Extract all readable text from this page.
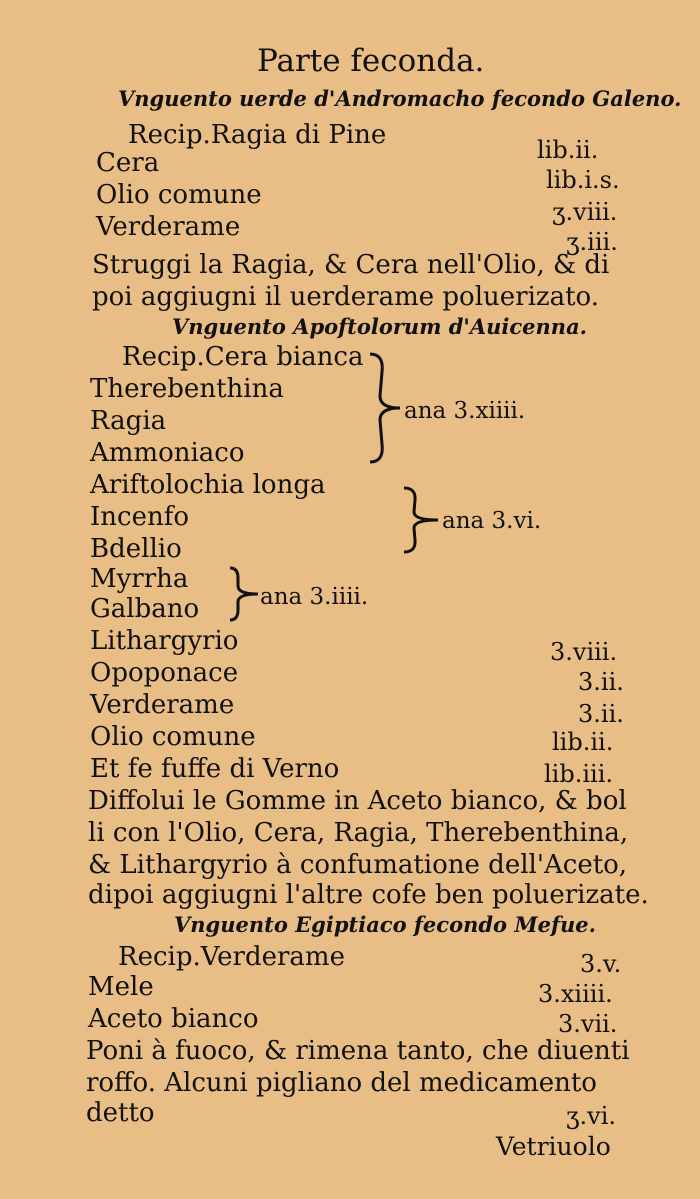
Parte feconda.
Vnguento uerde d'Andromacho fecondo Galeno.
Recip.Ragia di Pine
Cera
Olio comune
Verderame
lib.ii.
lib.i.s.
ʒ.viii.
ʒ.iii.
Struggi la Ragia, & Cera nell'Olio, & di
poi aggiugni il uerderame poluerizato.
Vnguento Apoftolorum d'Auicenna.
Recip.Cera bianca
Therebenthina
Ragia
Ammoniaco
ana 3.xiiii.
Ariftolochia longa
Incenfo
Bdellio
ana 3.vi.
Myrrha
Galbano	ana 3.iiii.
Lithargyrio
Opoponace
Verderame
Olio comune
Et fe fuffe di Verno
3.viii.
3.ii.
3.ii.
lib.ii.
lib.iii.
Diffolui le Gomme in Aceto bianco, & bol
li con l'Olio, Cera, Ragia, Therebenthina,
& Lithargyrio à confumatione dell'Aceto,
dipoi aggiugni l'altre cofe ben poluerizate.
Vnguento Egiptiaco fecondo Mefue.
Recip.Verderame
Mele
Aceto bianco
3.v.
3.xiiii.
3.vii.
Poni à fuoco, & rimena tanto, che diuenti
roffo. Alcuni pigliano del medicamento
detto	ʒ.vi.
Vetriuolo
